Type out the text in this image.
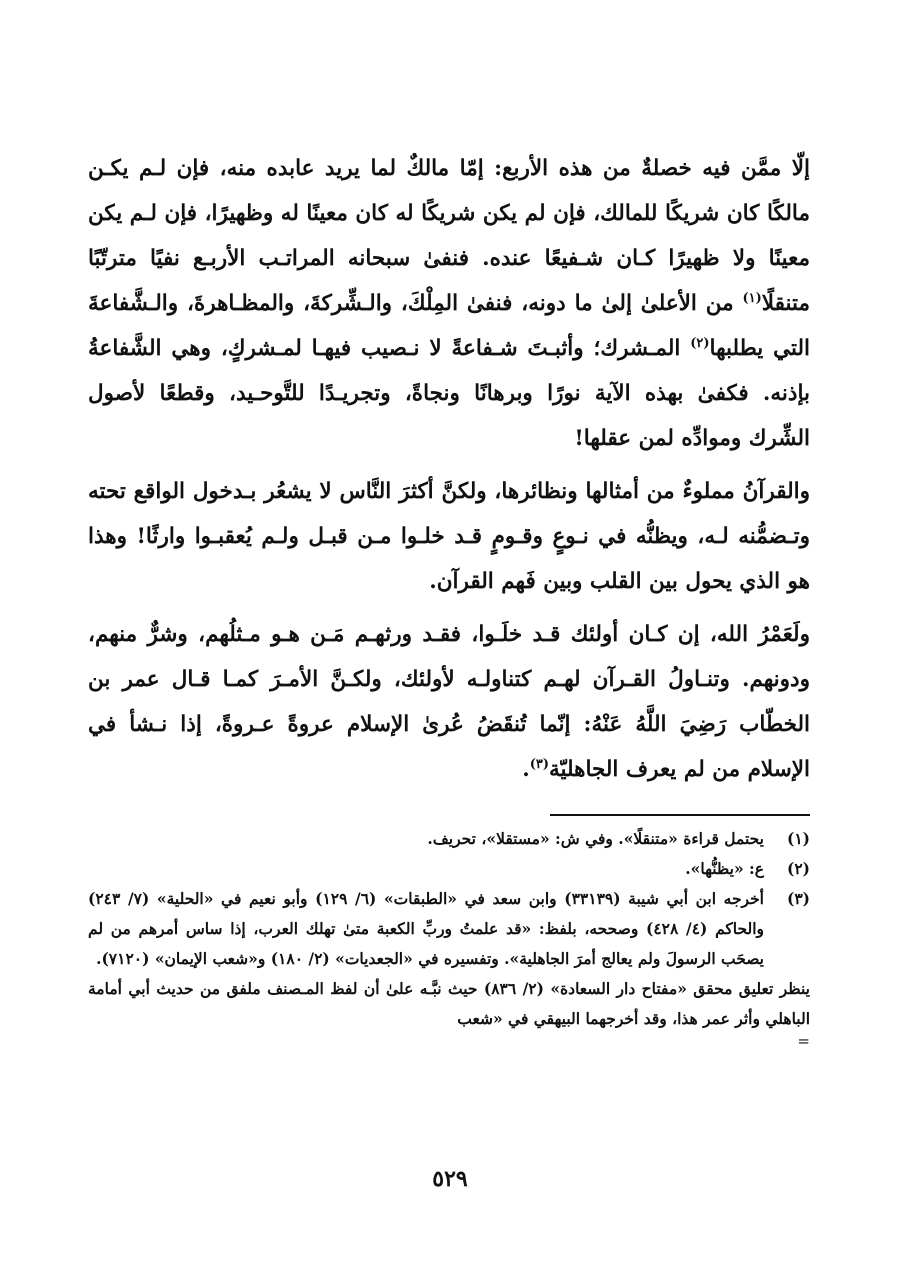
إلّا ممَّن فيه خصلةٌ من هذه الأربع: إمّا مالكٌ لما يريد عابده منه، فإن لـم يكـن مالكًا كان شريكًا للمالك، فإن لم يكن شريكًا له كان معينًا له وظهيرًا، فإن لـم يكن معينًا ولا ظهيرًا كـان شـفيعًا عنده. فنفىٰ سبحانه المراتـب الأربـع نفيًا مترتّبًا متنقلًا$^{(١)}$ من الأعلىٰ إلىٰ ما دونه، فنفىٰ المِلْكَ، والـشِّركةَ، والمظـاهرةَ، والـشَّفاعةَ التي يطلبها$^{(٢)}$ المـشرك؛ وأثبـتَ شـفاعةً لا نـصيب فيهـا لمـشركٍ، وهي الشَّفاعةُ بإذنه. فكفىٰ بهذه الآية نورًا وبرهانًا ونجاةً، وتجريـدًا للتَّوحـيد، وقطعًا لأصول الشِّرك وموادِّه لمن عقلها!

والقرآنُ مملوءٌ من أمثالها ونظائرها، ولكنَّ أكثرَ النَّاس لا يشعُر بـدخول الواقع تحته وتـضمُّنه لـه، ويظنُّه في نـوعٍ وقـومٍ قـد خلـوا مـن قبـل ولـم يُعقبـوا وارثًا! وهذا هو الذي يحول بين القلب وبين فَهم القرآن.

ولَعَمْرُ الله، إن كـان أولئك قـد خلَـوا، فقـد ورثهـم مَـن هـو مـثلُهم، وشرٌّ منهم، ودونهم. وتنـاولُ القـرآن لهـم كتناولـه لأولئك، ولكـنَّ الأمـرَ كمـا قـال عمر بن الخطّاب رَضِيَ اللَّهُ عَنْهُ: إنّما تُنقَضُ عُرىٰ الإسلام عروةً عـروةً، إذا نـشأ في الإسلام من لم يعرف الجاهليّة$^{(٣)}$.

(١)
يحتمل قراءة «متنقلًا». وفي ش: «مستقلا»، تحريف.
(٢)
ع: «يظنُّها».
(٣)
أخرجه ابن أبي شيبة (٣٣١٣٩) وابن سعد في «الطبقات» (٦/ ١٢٩) وأبو نعيم في «الحلية» (٧/ ٢٤٣) والحاكم (٤/ ٤٢٨) وصححه، بلفظ: «قد علمتُ وربِّ الكعبة متىٰ تهلك العرب، إذا ساس أمرهم من لم يصحَب الرسولَ ولم يعالج أمرَ الجاهلية». وتفسيره في «الجعديات» (٢/ ١٨٠) و«شعب الإيمان» (٧١٢٠).

ينظر تعليق محقق «مفتاح دار السعادة» (٢/ ٨٣٦) حيث نبَّـه علىٰ أن لفظ المـصنف ملفق من حديث أبي أمامة الباهلي وأثر عمر هذا، وقد أخرجهما البيهقي في «شعب

=

٥٢٩
